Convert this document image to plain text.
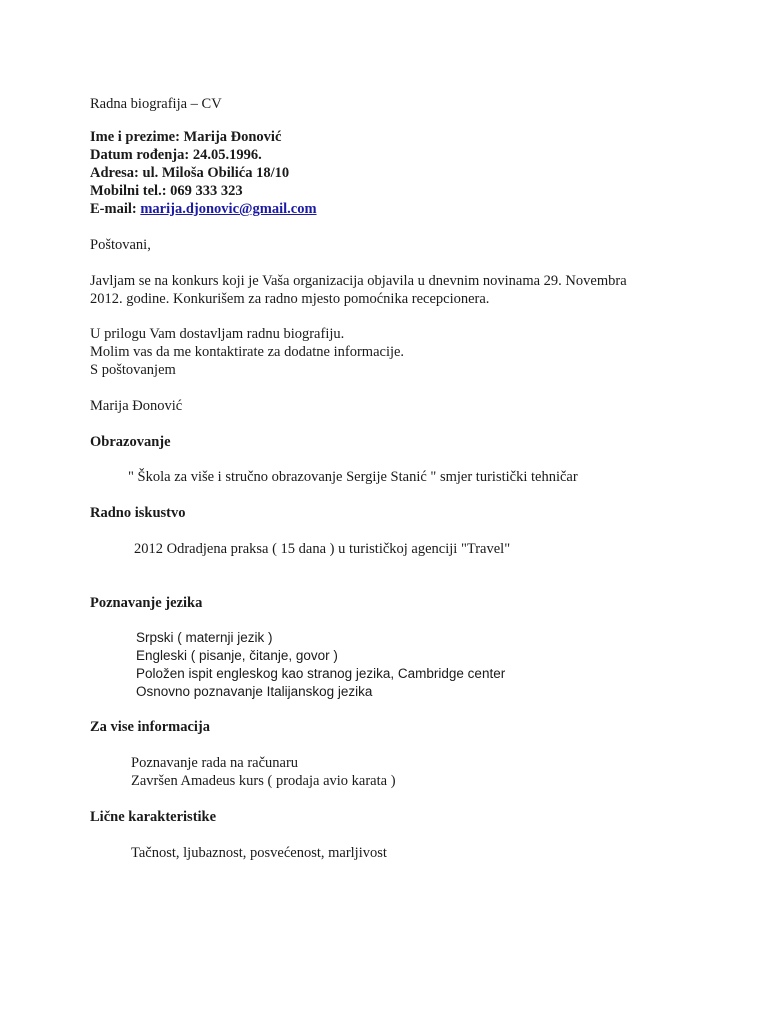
Radna biografija – CV
Ime i prezime: Marija Đonović
Datum rođenja: 24.05.1996.
Adresa: ul. Miloša Obilića 18/10
Mobilni tel.: 069 333 323
E-mail: marija.djonovic@gmail.com
Poštovani,
Javljam se na konkurs koji je Vaša organizacija objavila u dnevnim novinama 29. Novembra
2012. godine. Konkurišem za radno mjesto pomoćnika recepcionera.
U prilogu Vam dostavljam radnu biografiju.
Molim vas da me kontaktirate za dodatne informacije.
S poštovanjem
Marija Đonović
Obrazovanje
" Škola za više i stručno obrazovanje Sergije Stanić " smjer turistički tehničar
Radno iskustvo
2012 Odradjena praksa ( 15 dana ) u turističkoj agenciji "Travel"
Poznavanje jezika
Srpski ( maternji jezik )
Engleski ( pisanje, čitanje, govor )
Položen ispit engleskog kao stranog jezika, Cambridge center
Osnovno poznavanje Italijanskog jezika
Za vise informacija
Poznavanje rada na računaru
Završen Amadeus kurs ( prodaja avio karata )
Lične karakteristike
Tačnost, ljubaznost, posvećenost, marljivost
